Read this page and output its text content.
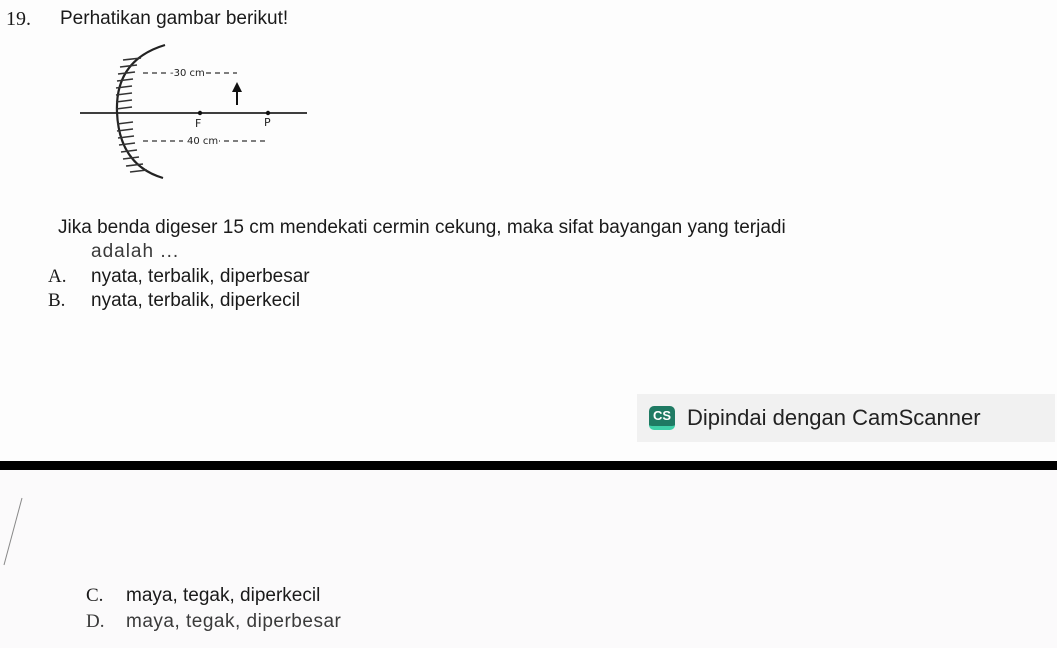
19. Perhatikan gambar berikut!
-30 cm
40 cm
F	P
Jika benda digeser 15 cm mendekati cermin cekung, maka sifat bayangan yang terjadi
adalah ...
A. nyata, terbalik, diperbesar
B. nyata, terbalik, diperkecil
CS Dipindai dengan CamScanner
C. maya, tegak, diperkecil
D. maya, tegak, diperbesar
